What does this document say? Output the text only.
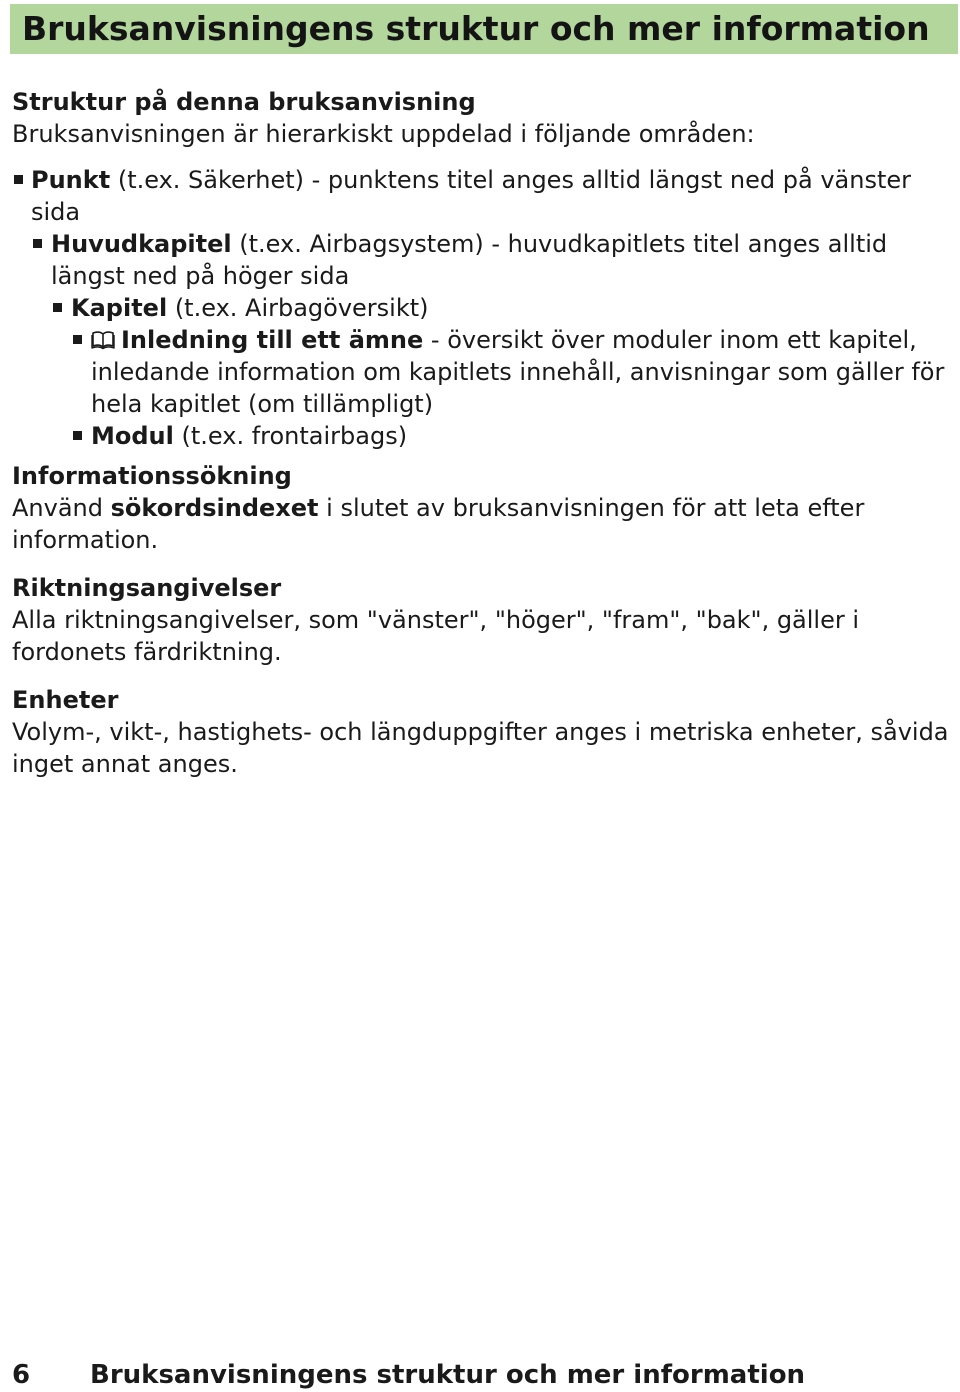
Bruksanvisningens struktur och mer information

Struktur på denna bruksanvisning

Bruksanvisningen är hierarkiskt uppdelad i följande områden:

Punkt (t.ex. Säkerhet) - punktens titel anges alltid längst ned på vänster sida
Huvudkapitel (t.ex. Airbagsystem) - huvudkapitlets titel anges alltid längst ned på höger sida
Kapitel (t.ex. Airbagöversikt)
Inledning till ett ämne - översikt över moduler inom ett kapitel, inledande information om kapitlets innehåll, anvisningar som gäller för hela kapitlet (om tillämpligt)
Modul (t.ex. frontairbags)

Informationssökning

Använd sökordsindexet i slutet av bruksanvisningen för att leta efter information.

Riktningsangivelser

Alla riktningsangivelser, som "vänster", "höger", "fram", "bak", gäller i fordonets färdriktning.

Enheter

Volym-, vikt-, hastighets- och längduppgifter anges i metriska enheter, såvida inget annat anges.

6 Bruksanvisningens struktur och mer information
